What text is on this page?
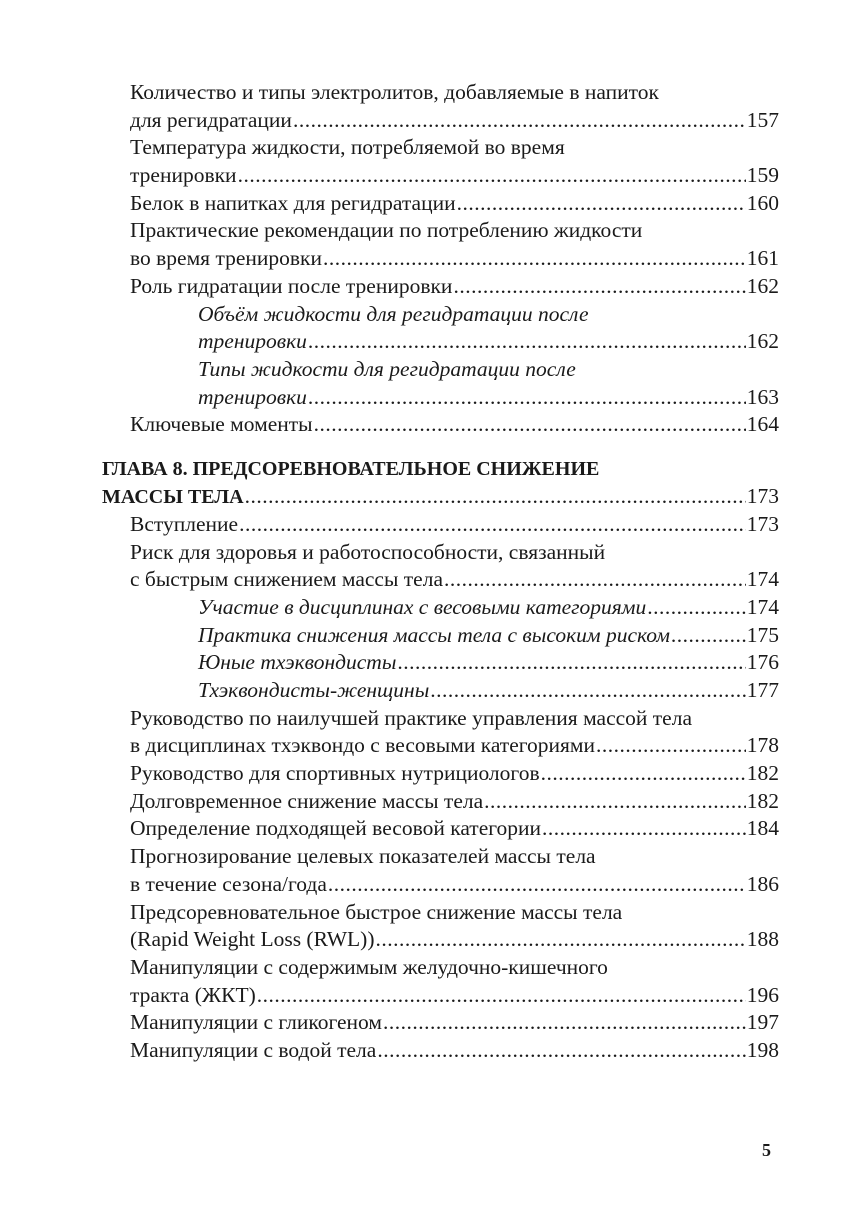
Количество и типы электролитов, добавляемые в напиток
для регидратации .....	157
Температура жидкости, потребляемой во время
тренировки .....	159
Белок в напитках для регидратации .....	160
Практические рекомендации по потреблению жидкости
во время тренировки .....	161
Роль гидратации после тренировки .....	162
Объём жидкости для регидратации после
тренировки .....	162
Типы жидкости для регидратации после
тренировки .....	163
Ключевые моменты .....	164
ГЛАВА 8. ПРЕДСОРЕВНОВАТЕЛЬНОЕ СНИЖЕНИЕ
МАССЫ ТЕЛА .....	173
Вступление .....	173
Риск для здоровья и работоспособности, связанный
с быстрым снижением массы тела .....	174
Участие в дисциплинах с весовыми категориями .....	174
Практика снижения массы тела с высоким риском .....	175
Юные тхэквондисты .....	176
Тхэквондисты-женщины .....	177
Руководство по наилучшей практике управления массой тела
в дисциплинах тхэквондо с весовыми категориями .....	178
Руководство для спортивных нутрициологов .....	182
Долговременное снижение массы тела .....	182
Определение подходящей весовой категории .....	184
Прогнозирование целевых показателей массы тела
в течение сезона/года .....	186
Предсоревновательное быстрое снижение массы тела
(Rapid Weight Loss (RWL)) .....	188
Манипуляции с содержимым желудочно-кишечного
тракта (ЖКТ) .....	196
Манипуляции с гликогеном .....	197
Манипуляции с водой тела .....	198
5
